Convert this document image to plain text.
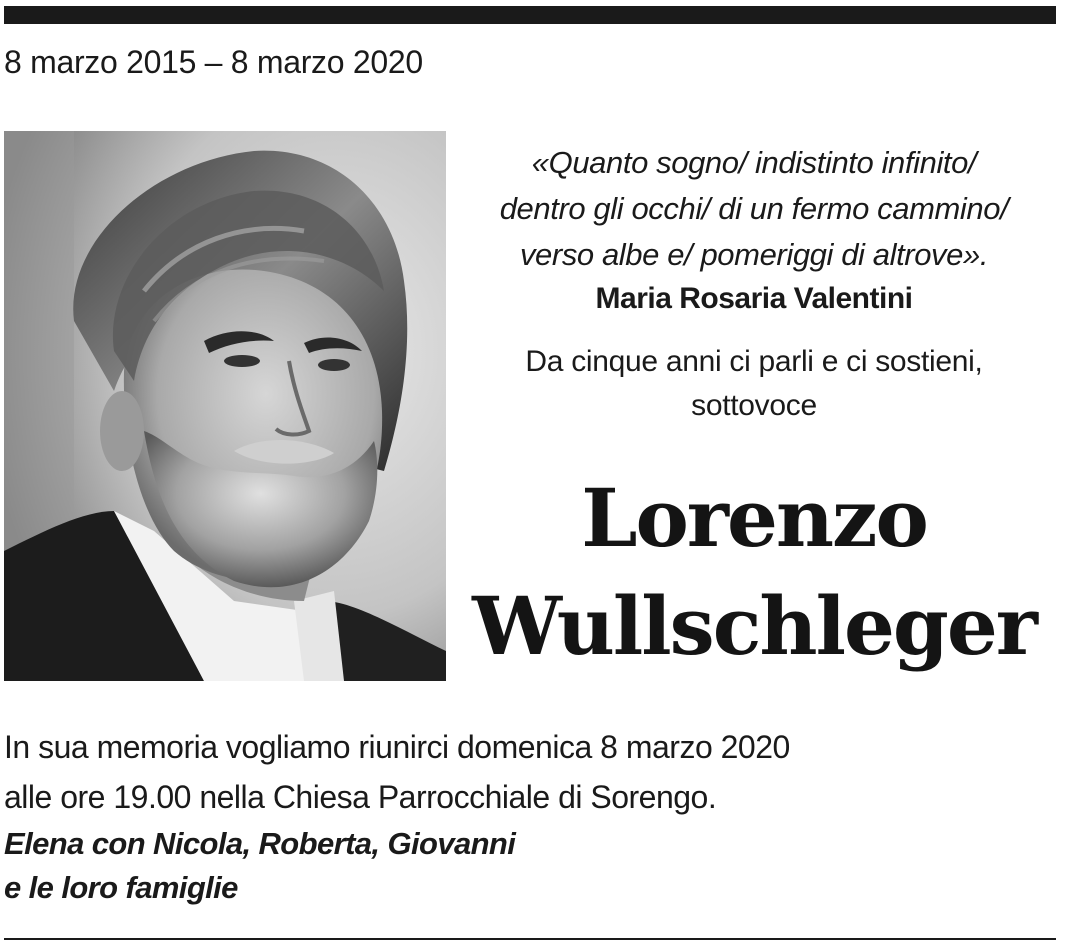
8 marzo 2015 – 8 marzo 2020
«Quanto sogno/ indistinto infinito/
dentro gli occhi/ di un fermo cammino/
verso albe e/ pomeriggi di altrove».
Maria Rosaria Valentini
Da cinque anni ci parli e ci sostieni,
sottovoce
Lorenzo
Wullschleger
In sua memoria vogliamo riunirci domenica 8 marzo 2020
alle ore 19.00 nella Chiesa Parrocchiale di Sorengo.
Elena con Nicola, Roberta, Giovanni
e le loro famiglie
